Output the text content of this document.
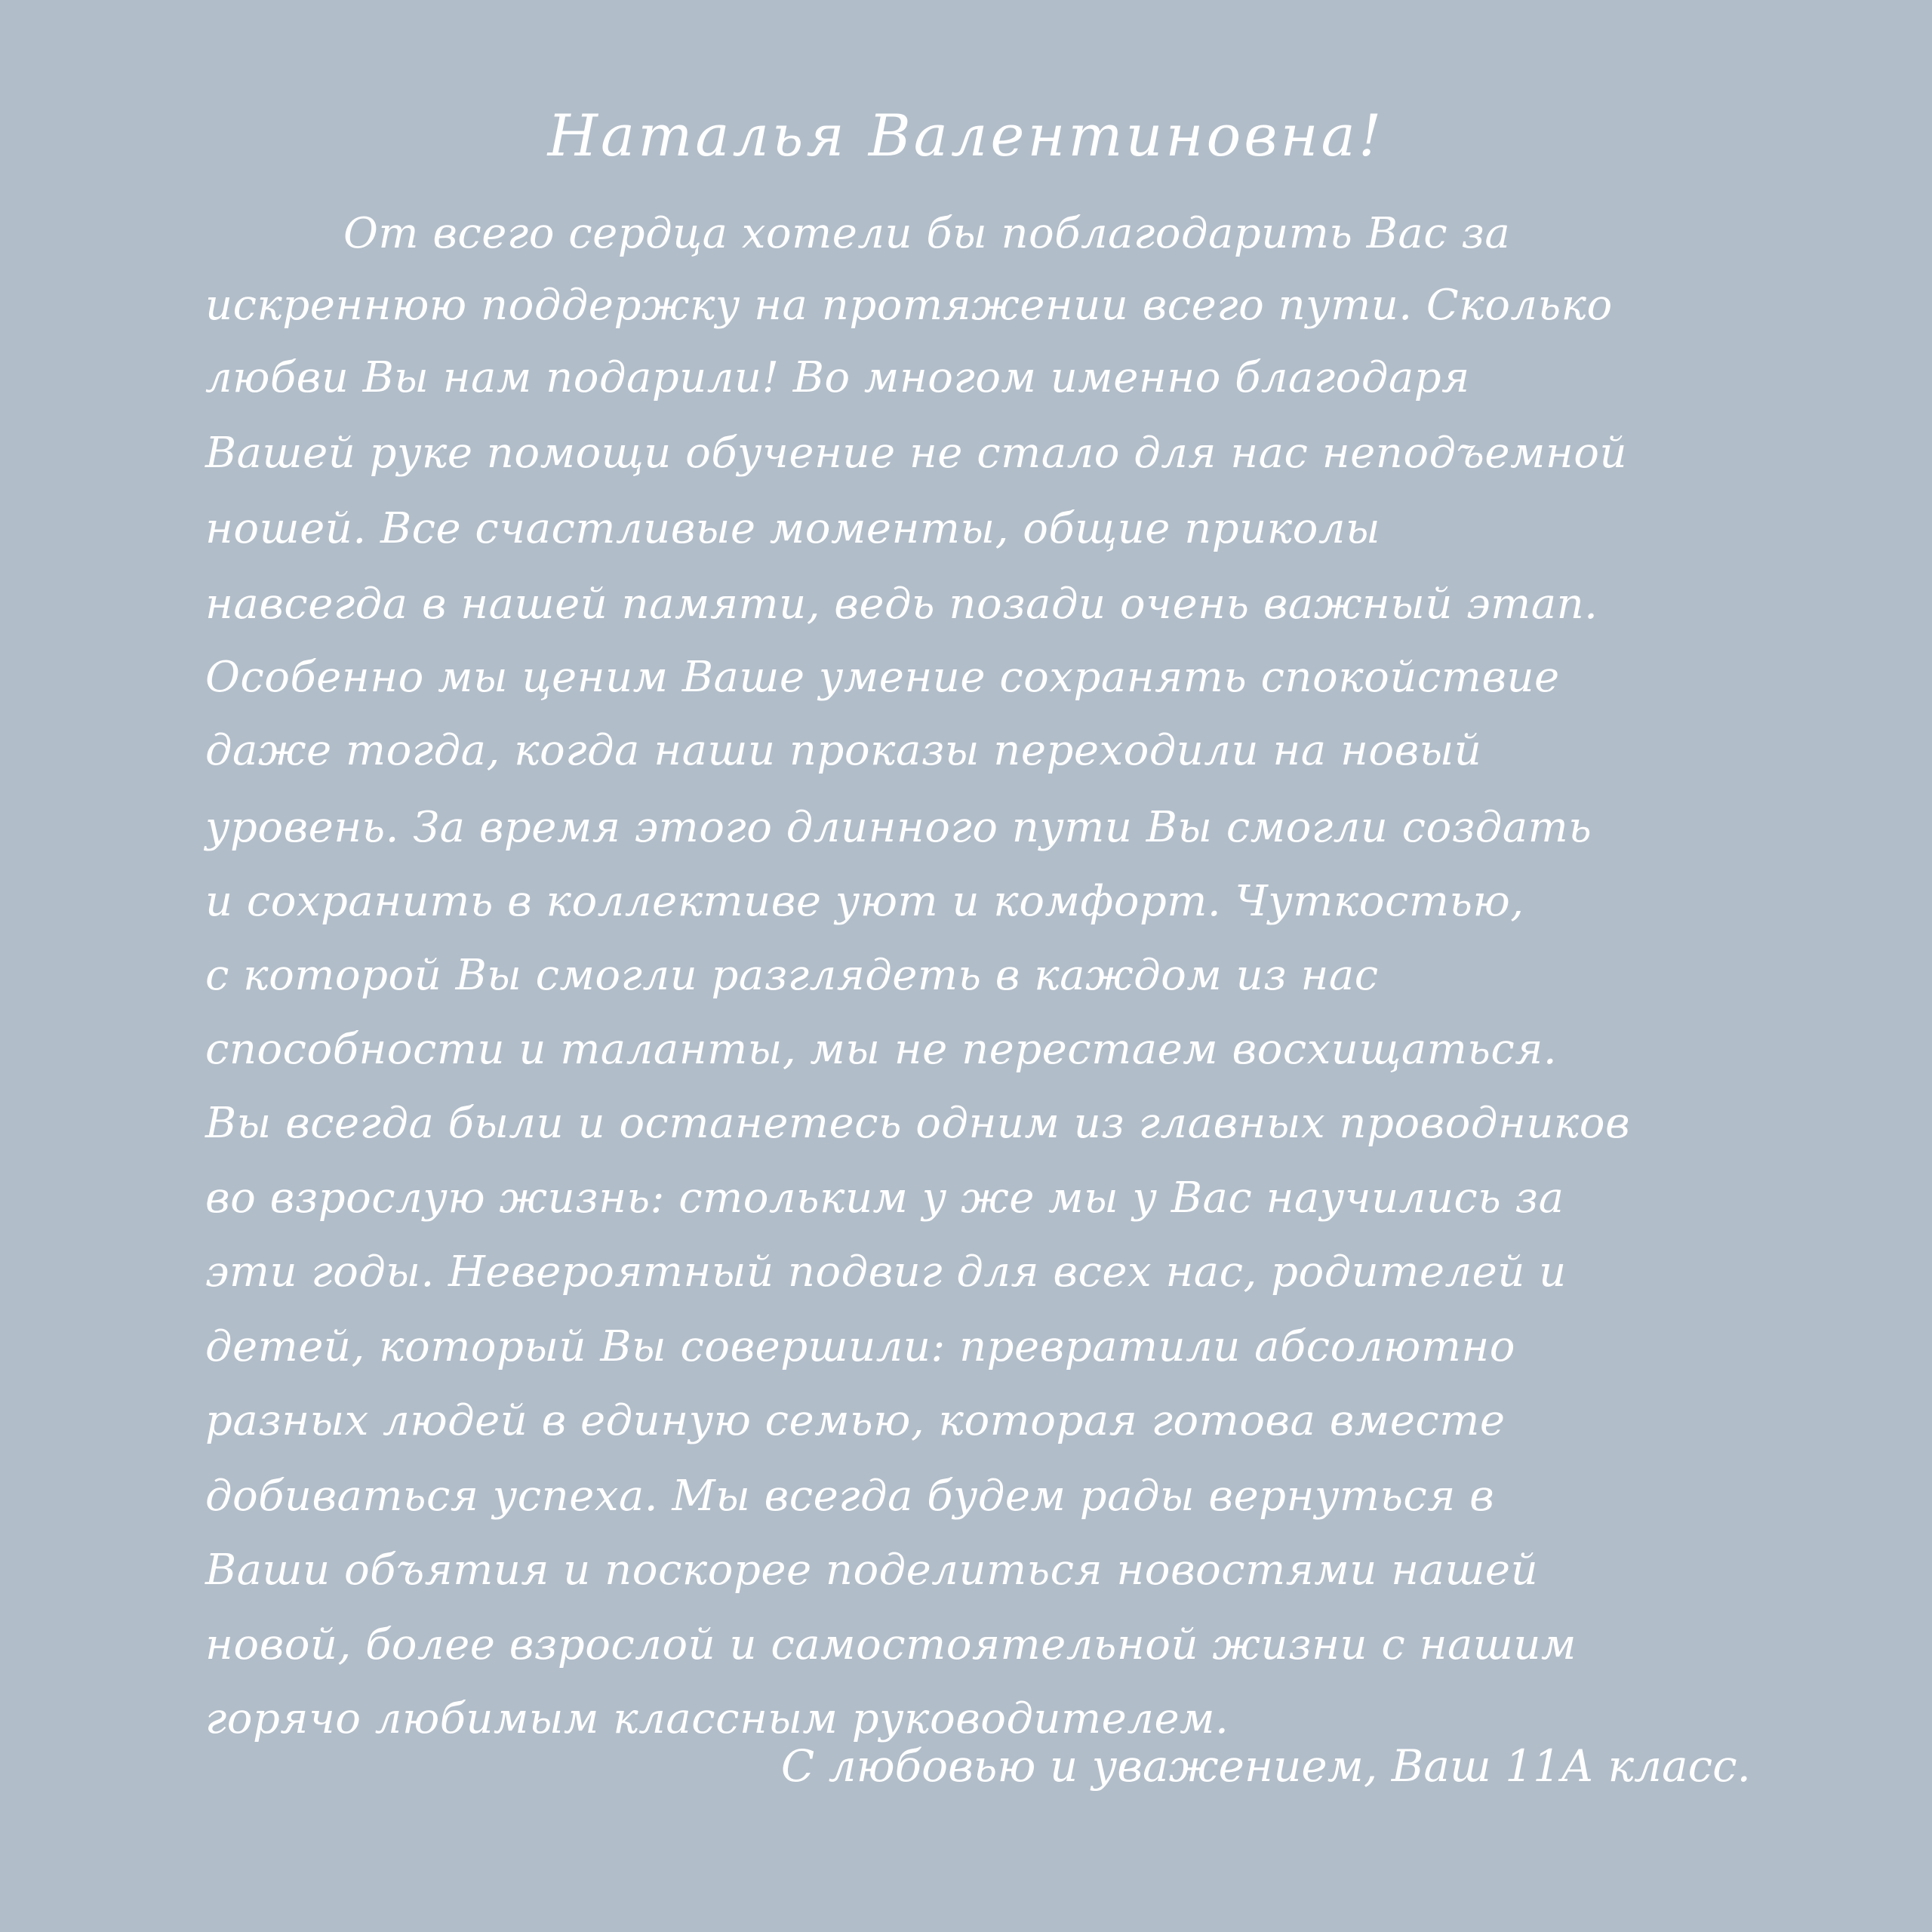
Наталья Валентиновна!
От всего сердца хотели бы поблагодарить Вас за
искреннюю поддержку на протяжении всего пути. Сколько
любви Вы нам подарили! Во многом именно благодаря
Вашей руке помощи обучение не стало для нас неподъемной
ношей. Все счастливые моменты, общие приколы
навсегда в нашей памяти, ведь позади очень важный этап.
Особенно мы ценим Ваше умение сохранять спокойствие
даже тогда, когда наши проказы переходили на новый
уровень. За время этого длинного пути Вы смогли создать
и сохранить в коллективе уют и комфорт. Чуткостью,
с которой Вы смогли разглядеть в каждом из нас
способности и таланты, мы не перестаем восхищаться.
Вы всегда были и останетесь одним из главных проводников
во взрослую жизнь: стольким у же мы у Вас научились за
эти годы. Невероятный подвиг для всех нас, родителей и
детей, который Вы совершили: превратили абсолютно
разных людей в единую семью, которая готова вместе
добиваться успеха. Мы всегда будем рады вернуться в
Ваши объятия и поскорее поделиться новостями нашей
новой, более взрослой и самостоятельной жизни с нашим
горячо любимым классным руководителем.
С любовью и уважением, Ваш 11А класс.
